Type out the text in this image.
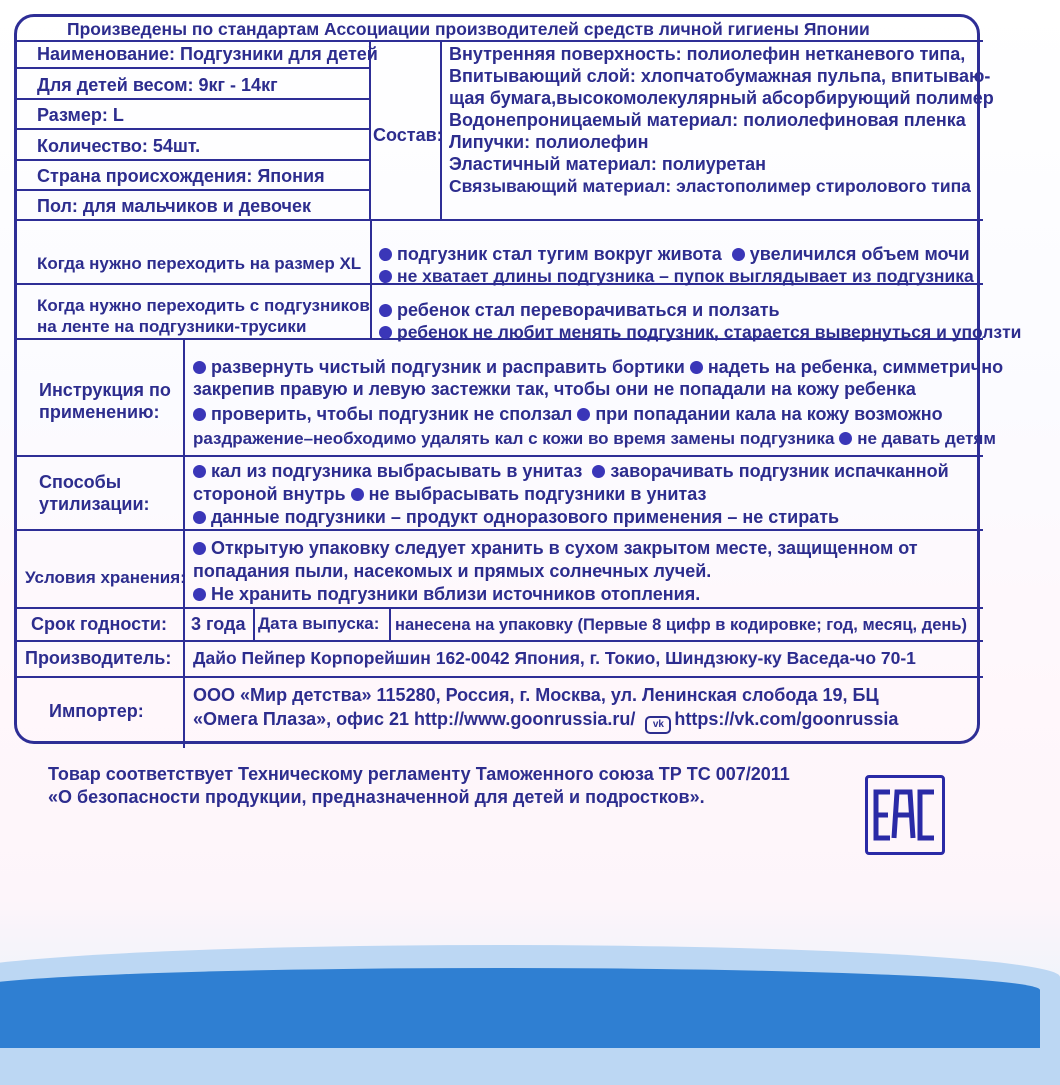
Произведены по стандартам Ассоциации производителей средств личной гигиены Японии
Наименование: Подгузники для детей
Для детей весом: 9кг - 14кг
Размер: L
Количество: 54шт.
Страна происхождения: Япония
Пол: для мальчиков и девочек
Состав:
Внутренняя поверхность: полиолефин нетканевого типа,
Впитывающий слой: хлопчатобумажная пульпа, впитываю-
щая бумага,высокомолекулярный абсорбирующий полимер
Водонепроницаемый материал: полиолефиновая пленка
Липучки: полиолефин
Эластичный материал: полиуретан
Связывающий материал: эластополимер стиролового типа
Когда нужно переходить на размер XL	подгузник стал тугим вокруг живота увеличился объем мочи
не хватает длины подгузника – пупок выглядывает из подгузника
Когда нужно переходить с подгузников
на ленте на подгузники-трусики
ребенок стал переворачиваться и ползать
ребенок не любит менять подгузник, старается вывернуться и уползти
Инструкция по
применению:
развернуть чистый подгузник и расправить бортики надеть на ребенка, симметрично
закрепив правую и левую застежки так, чтобы они не попадали на кожу ребенка
проверить, чтобы подгузник не сползал при попадании кала на кожу возможно
раздражение–необходимо удалять кал с кожи во время замены подгузника не давать детям
Способы
утилизации:
кал из подгузника выбрасывать в унитаз заворачивать подгузник испачканной
стороной внутрь не выбрасывать подгузники в унитаз
данные подгузники – продукт одноразового применения – не стирать
Условия хранения:
Открытую упаковку следует хранить в сухом закрытом месте, защищенном от
попадания пыли, насекомых и прямых солнечных лучей.
Не хранить подгузники вблизи источников отопления.
Срок годности: 3 года Дата выпуска: нанесена на упаковку (Первые 8 цифр в кодировке; год, месяц, день)
Производитель: Дайо Пейпер Корпорейшин 162-0042 Япония, г. Токио, Шиндзюку-ку Васеда-чо 70-1
Импортер:
ООО «Мир детства» 115280, Россия, г. Москва, ул. Ленинская слобода 19, БЦ
«Омега Плаза», офис 21 http://www.goonrussia.ru/ vk https://vk.com/goonrussia
Товар соответствует Техническому регламенту Таможенного союза ТР ТС 007/2011
«О безопасности продукции, предназначенной для детей и подростков».
